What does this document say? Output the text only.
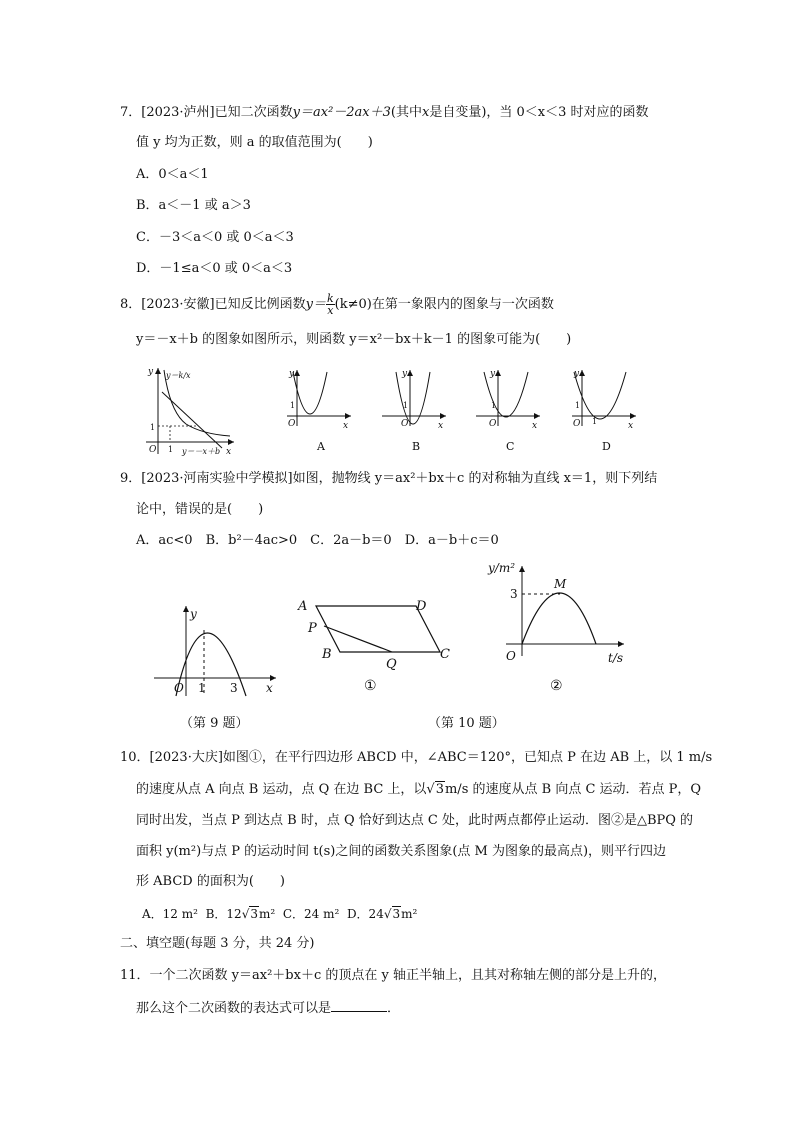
7．[2023·泸州]已知二次函数y＝ax²－2ax＋3(其中x是自变量)，当 0＜x＜3 时对应的函数
值 y 均为正数，则 a 的取值范围为(　　)
A．0＜a＜1
B．a＜－1 或 a＞3
C．－3＜a＜0 或 0＜a＜3
D．－1≤a＜0 或 0＜a＜3
8．[2023·安徽]已知反比例函数$y= \frac{k}{x} (k\ne 0)$在第一象限内的图象与一次函数
y＝－x＋b 的图象如图所示，则函数 y＝x²－bx＋k－1 的图象可能为(　　)
y
x
O
1
1
y＝k/x
y＝－x＋b
y
x
O
1
A
y
x
O
1
B
y
x
O
1
C
y
x
O
1
1
D
9．[2023·河南实验中学模拟]如图，抛物线 y＝ax²＋bx＋c 的对称轴为直线 x＝1，则下列结
论中，错误的是(　　)
A．ac<0　B．b²－4ac>0　C．2a－b＝0　D．a－b＋c＝0
y
x
O 1 3
（第 9 题）
A	D
C
B
P
Q
①
y/m²
t/s
O
3
M
②
（第 10 题）
10．[2023·大庆]如图①，在平行四边形 ABCD 中，∠ABC＝120°，已知点 P 在边 AB 上，以 1 m/s
的速度从点 A 向点 B 运动，点 Q 在边 BC 上，以√3m/s 的速度从点 B 向点 C 运动．若点 P，Q
同时出发，当点 P 到达点 B 时，点 Q 恰好到达点 C 处，此时两点都停止运动．图②是△BPQ 的
面积 y(m²)与点 P 的运动时间 t(s)之间的函数关系图象(点 M 为图象的最高点)，则平行四边
形 ABCD 的面积为(　　)
A．12 m² B．12√3m² C．24 m² D．24√3m²
二、填空题(每题 3 分，共 24 分)
11．一个二次函数 y＝ax²＋bx＋c 的顶点在 y 轴正半轴上，且其对称轴左侧的部分是上升的，
那么这个二次函数的表达式可以是	．
